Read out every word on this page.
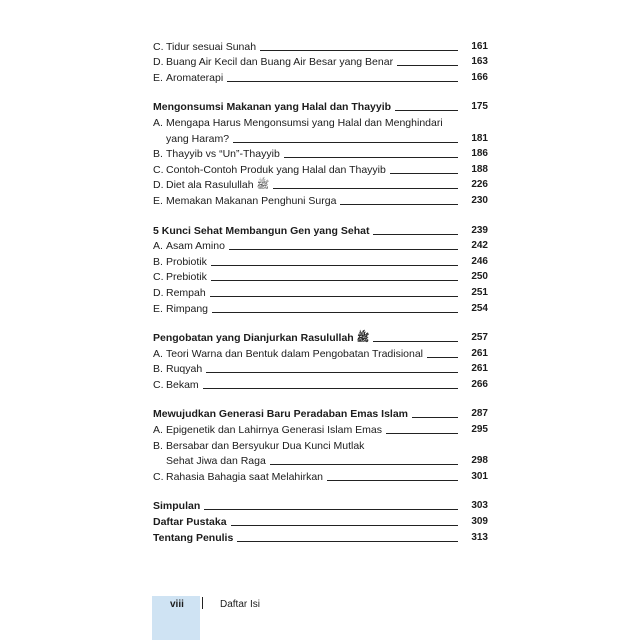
C. Tidur sesuai Sunah	161
D. Buang Air Kecil dan Buang Air Besar yang Benar	163
E. Aromaterapi	166
Mengonsumsi Makanan yang Halal dan Thayyib	175
A. Mengapa Harus Mengonsumsi yang Halal dan Menghindari
yang Haram?	181
B. Thayyib vs “Un”-Thayyib	186
C. Contoh-Contoh Produk yang Halal dan Thayyib	188
D. Diet ala Rasulullah ﷺ	226
E. Memakan Makanan Penghuni Surga	230
5 Kunci Sehat Membangun Gen yang Sehat	239
A. Asam Amino	242
B. Probiotik	246
C. Prebiotik	250
D. Rempah	251
E. Rimpang	254
Pengobatan yang Dianjurkan Rasulullah ﷺ	257
A. Teori Warna dan Bentuk dalam Pengobatan Tradisional	261
B. Ruqyah	261
C. Bekam	266
Mewujudkan Generasi Baru Peradaban Emas Islam	287
A. Epigenetik dan Lahirnya Generasi Islam Emas	295
B. Bersabar dan Bersyukur Dua Kunci Mutlak
Sehat Jiwa dan Raga	298
C. Rahasia Bahagia saat Melahirkan	301
Simpulan	303
Daftar Pustaka	309
Tentang Penulis	313
viii	Daftar Isi
